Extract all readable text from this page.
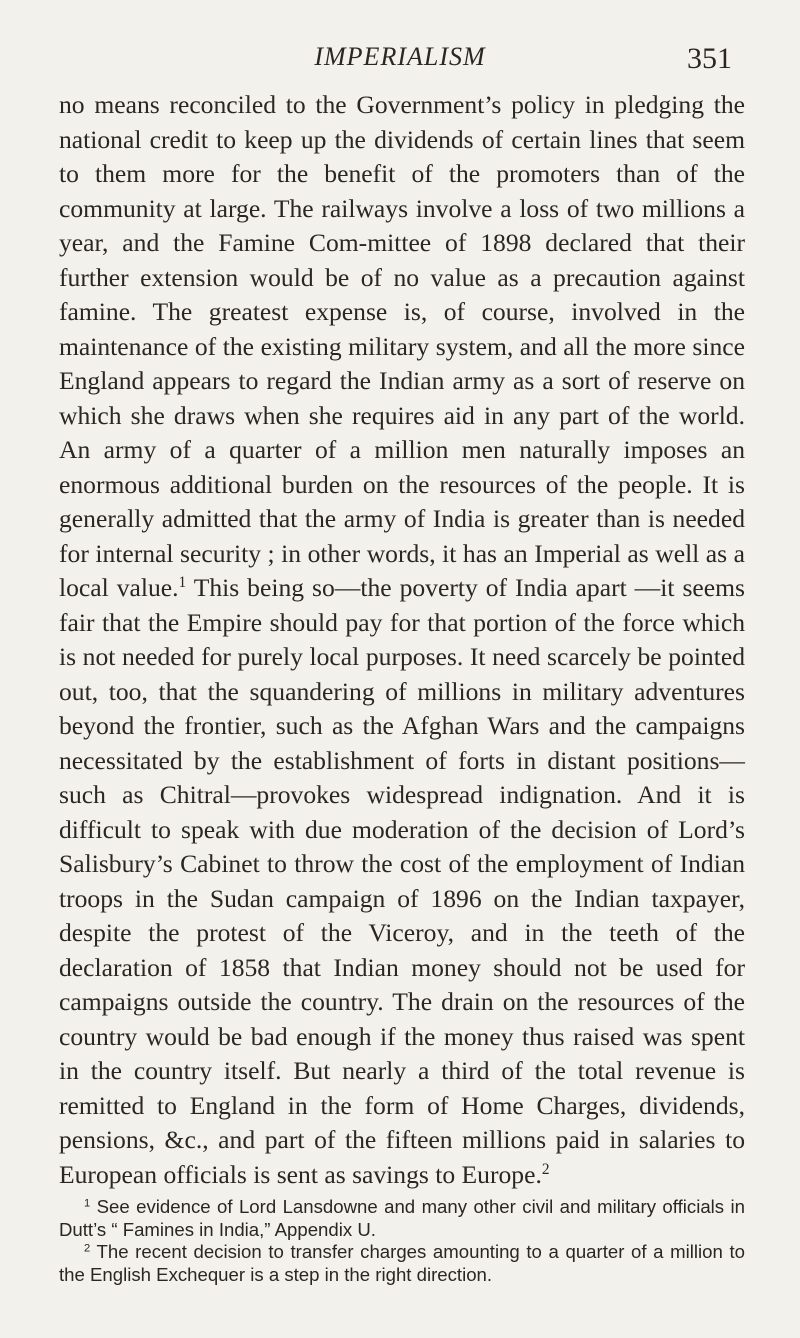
IMPERIALISM	351
no means reconciled to the Government’s policy in pledging the national credit to keep up the dividends of certain lines that seem to them more for the benefit of the promoters than of the community at large. The railways involve a loss of two millions a year, and the Famine Com-mittee of 1898 declared that their further extension would be of no value as a precaution against famine. The greatest expense is, of course, involved in the maintenance of the existing military system, and all the more since England appears to regard the Indian army as a sort of reserve on which she draws when she requires aid in any part of the world. An army of a quarter of a million men naturally imposes an enormous additional burden on the resources of the people. It is generally admitted that the army of India is greater than is needed for internal security ; in other words, it has an Imperial as well as a local value.$^1$ This being so—the poverty of India apart —it seems fair that the Empire should pay for that portion of the force which is not needed for purely local purposes. It need scarcely be pointed out, too, that the squandering of millions in military adventures beyond the frontier, such as the Afghan Wars and the campaigns necessitated by the establishment of forts in distant positions—such as Chitral—provokes widespread indignation. And it is difficult to speak with due moderation of the decision of Lord’s Salisbury’s Cabinet to throw the cost of the employment of Indian troops in the Sudan campaign of 1896 on the Indian taxpayer, despite the protest of the Viceroy, and in the teeth of the declaration of 1858 that Indian money should not be used for campaigns outside the country. The drain on the resources of the country would be bad enough if the money thus raised was spent in the country itself. But nearly a third of the total revenue is remitted to England in the form of Home Charges, dividends, pensions, &c., and part of the fifteen millions paid in salaries to European officials is sent as savings to Europe.$^2$

$^1$ See evidence of Lord Lansdowne and many other civil and military officials in Dutt’s “ Famines in India,” Appendix U.

$^2$ The recent decision to transfer charges amounting to a quarter of a million to the English Exchequer is a step in the right direction.
